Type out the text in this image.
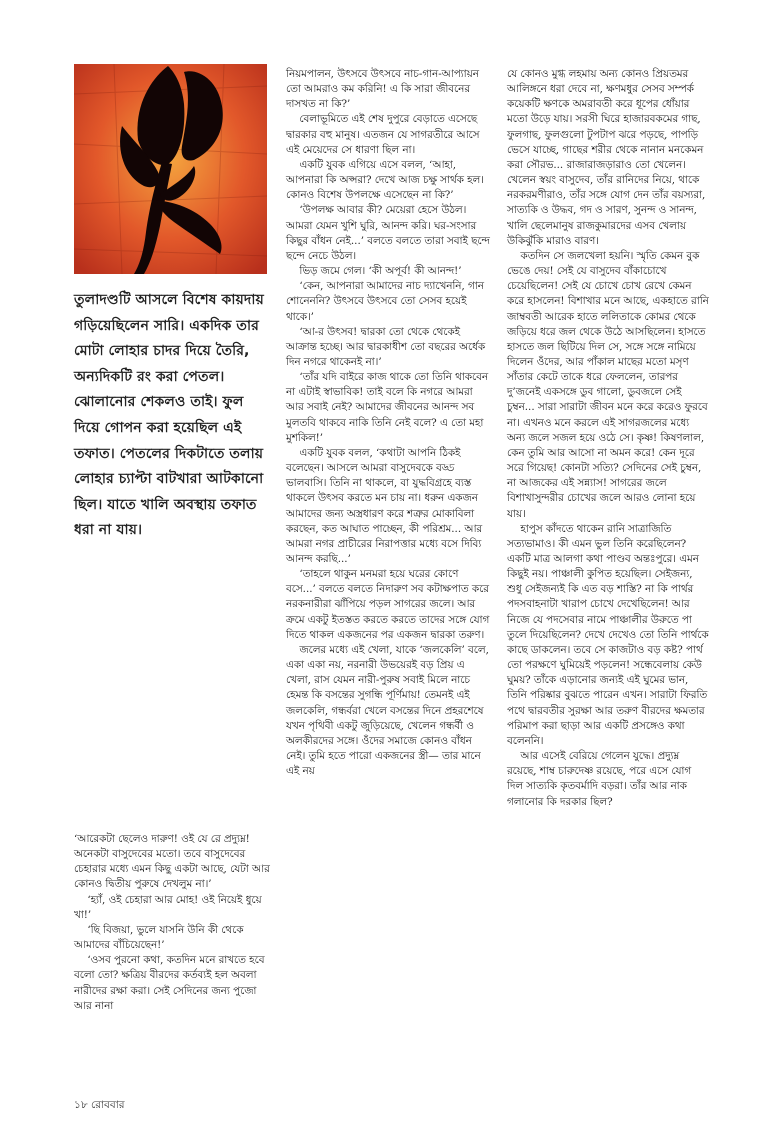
তুলাদণ্ডটি আসলে বিশেষ কায়দায় গড়িয়েছিলেন সারি। একদিক তার মোটা লোহার চাদর দিয়ে তৈরি, অন্যদিকটি রং করা পেতল। ঝোলানোর শেকলও তাই। ফুল দিয়ে গোপন করা হয়েছিল এই তফাত। পেতলের দিকটাতে তলায় লোহার চ্যাপ্টা বাটখারা আটকানো ছিল। যাতে খালি অবস্থায় তফাত ধরা না যায়।

‘আরেকটা ছেলেও দারুণ! ওই যে রে প্রদ্যুম্ন! অনেকটা বাসুদেবের মতো। তবে বাসুদেবের চেহারার মধ্যে এমন কিছু একটা আছে, যেটা আর কোনও দ্বিতীয় পুরুষে দেখলুম না।’

‘হ্যাঁ, ওই চেহারা আর মোহ! ওই নিয়েই ধুয়ে খা!’

‘ছি বিজয়া, ভুলে যাসনি উনি কী থেকে আমাদের বাঁচিয়েছেন!’

‘ওসব পুরনো কথা, কতদিন মনে রাখতে হবে বলো তো? ক্ষত্রিয় বীরদের কর্তব্যই হল অবলা নারীদের রক্ষা করা। সেই সেদিনের জন্য পুজো আর নানা

নিয়মপালন, উৎসবে উৎসবে নাচ-গান-আপ্যায়ন তো আমরাও কম করিনি! এ কি সারা জীবনের দাসখত না কি?’

বেলাভূমিতে এই শেষ দুপুরে বেড়াতে এসেছে দ্বারকার বহু মানুষ। এতজন যে সাগরতীরে আসে এই মেয়েদের সে ধারণা ছিল না।

একটি যুবক এগিয়ে এসে বলল, ‘আহা, আপনারা কি অপ্সরা? দেখে আজ চক্ষু সার্থক হল। কোনও বিশেষ উপলক্ষে এসেছেন না কি?’

‘উপলক্ষ আবার কী? মেয়েরা হেসে উঠল। আমরা যেমন খুশি ঘুরি, আনন্দ করি। ঘর-সংসার কিছুর বাঁধন নেই...’ বলতে বলতে তারা সবাই ছন্দে ছন্দে নেচে উঠল।

ভিড় জমে গেল। ‘কী অপূর্ব! কী আনন্দ!’

‘কেন, আপনারা আমাদের নাচ দ্যাখেননি, গান শোনেননি? উৎসবে উৎসবে তো সেসব হয়েই থাকে।’

‘আ-র উৎসব! দ্বারকা তো থেকে থেকেই আক্রান্ত হচ্ছে। আর দ্বারকাধীশ তো বছরের অর্ধেক দিন নগরে থাকেনই না।’

‘তাঁর যদি বাইরে কাজ থাকে তো তিনি থাকবেন না এটাই স্বাভাবিক! তাই বলে কি নগরে আমরা আর সবাই নেই? আমাদের জীবনের আনন্দ সব মুলতবি থাকবে নাকি তিনি নেই বলে? এ তো মহা মুশকিল!’

একটি যুবক বলল, ‘কথাটা আপনি ঠিকই বলেছেন। আসলে আমরা বাসুদেবকে বড্ড ভালবাসি। তিনি না থাকলে, বা যুদ্ধবিগ্রহে ব্যস্ত থাকলে উৎসব করতে মন চায় না। ধরুন একজন আমাদের জন্য অস্ত্রধারণ করে শত্রুর মোকাবিলা করছেন, কত আঘাত পাচ্ছেন, কী পরিশ্রম... আর আমরা নগর প্রাচীরের নিরাপত্তার মধ্যে বসে দিব্যি আনন্দ করছি...’

‘তাহলে থাকুন মনমরা হয়ে ঘরের কোণে বসে...’ বলতে বলতে নিদারুণ সব কটাক্ষপাত করে নরকনারীরা ঝাঁপিয়ে পড়ল সাগরের জলে। আর ক্রমে একটু ইতস্তত করতে করতে তাদের সঙ্গে যোগ দিতে থাকল একজনের পর একজন দ্বারকা তরুণ।

জলের মধ্যে এই খেলা, যাকে ‘জলকেলি’ বলে, একা একা নয়, নরনারী উভয়েরই বড় প্রিয় এ খেলা, রাস যেমন নারী-পুরুষ সবাই মিলে নাচে হেমন্ত কি বসন্তের সুগন্ধি পূর্ণিমায়! তেমনই এই জলকেলি, গন্ধর্বরা খেলে বসন্তের দিনে প্রহরশেষে যখন পৃথিবী একটু জুড়িয়েছে, খেলেন গন্ধর্বী ও অলকীরদের সঙ্গে। ওঁদের সমাজে কোনও বাঁধন নেই। তুমি হতে পারো একজনের স্ত্রী— তার মানে এই নয়

যে কোনও মুগ্ধ লহমায় অন্য কোনও প্রিয়তমর আলিঙ্গনে ধরা দেবে না, ক্ষণমধুর সেসব সম্পর্ক কয়েকটি ক্ষণকে অমরাবতী করে ধূপের ধোঁয়ার মতো উড়ে যায়। সরসী ঘিরে হাজারবকমের গাছ, ফুলগাছ, ফুলগুলো টুপটাপ ঝরে পড়ছে, পাপড়ি ভেসে যাচ্ছে, গাছের শরীর থেকে নানান মনকেমন করা সৌরভ... রাজারাজড়ারাও তো খেলেন। খেলেন স্বয়ং বাসুদেব, তাঁর রানিদের নিয়ে, থাকে নরকরমণীরাও, তাঁর সঙ্গে যোগ দেন তাঁর বয়স্যরা, সাত্যকি ও উদ্ধব, গদ ও সারণ, সুনন্দ ও সানন্দ, খালি ছেলেমানুষ রাজকুমারদের এসব খেলায় উকিঝুঁকি মারাও বারণ।

কতদিন সে জলখেলা হয়নি। স্মৃতি কেমন বুক ভেঙে দেয়! সেই যে বাসুদেব বাঁকাচোখে চেয়েছিলেন! সেই যে চোখে চোখ রেখে কেমন করে হাসলেন! বিশাখার মনে আছে, একহাতে রানি জাম্ববতী আরেক হাতে ললিতাকে কোমর থেকে জড়িয়ে ধরে জল থেকে উঠে আসছিলেন। হাসতে হাসতে জল ছিটিয়ে দিল সে, সঙ্গে সঙ্গে নামিয়ে দিলেন ওঁদের, আর পাঁকাল মাছের মতো মসৃণ সাঁতার কেটে তাকে ধরে ফেললেন, তারপর দু’জনেই একসঙ্গে ডুব গালো, ডুবজলে সেই চুম্বন... সারা সারাটা জীবন মনে করে করেও ফুরবে না। এখনও মনে করলে এই সাগরজলের মধ্যে অন্য জলে সজল হয়ে ওঠে সে। কৃষ্ণ! কিষণলাল, কেন তুমি আর আসো না অমন করে! কেন দূরে সরে গিয়েছ! কোনটা সত্যি? সেদিনের সেই চুম্বন, না আজকের এই সন্ন্যাস! সাগরের জলে বিশাখাসুন্দরীর চোখের জলে আরও লোনা হয়ে যায়।

হাপুস কাঁদতে থাকেন রানি সাত্রাজিতি সত্যভামাও। কী এমন ভুল তিনি করেছিলেন? একটি মাত্র আলগা কথা পাণ্ডব অন্তঃপুরে। এমন কিছুই নয়। পাঞ্চালী কুপিত হয়েছিল। সেইজন্য, শুধু সেইজন্যই কি এত বড় শাস্তি? না কি পার্থর পদসবাহনাটা খারাপ চোখে দেখেছিলেন! আর নিজে যে পদসেবার নামে পাঞ্চালীর উরুতে পা তুলে দিয়েছিলেন? দেখে দেখেও তো তিনি পার্থকে কাছে ডাকলেন। তবে সে কাজটাও বড় কষ্ট? পার্থ তো পরক্ষণে ঘুমিয়েই পড়লেন! সন্ধেবেলায় কেউ ঘুময়? তাঁকে এড়ানোর জন্যই এই ঘুমের ভান, তিনি পরিষ্কার বুঝতে পারেন এখন। সারাটা ফিরতি পথে দ্বারবতীর সুরক্ষা আর তরুণ বীরদের ক্ষমতার পরিমাপ করা ছাড়া আর একটি প্রসঙ্গেও কথা বলেননি।

আর এসেই বেরিয়ে গেলেন যুদ্ধে। প্রদ্যুম্ন রয়েছে, শাম্ব চারুদেষ্ণ রয়েছে, পরে এসে যোগ দিল সাত্যকি কৃতবর্মাদি বড়রা। তাঁর আর নাক গলানোর কি দরকার ছিল?

১৮ রোববার
